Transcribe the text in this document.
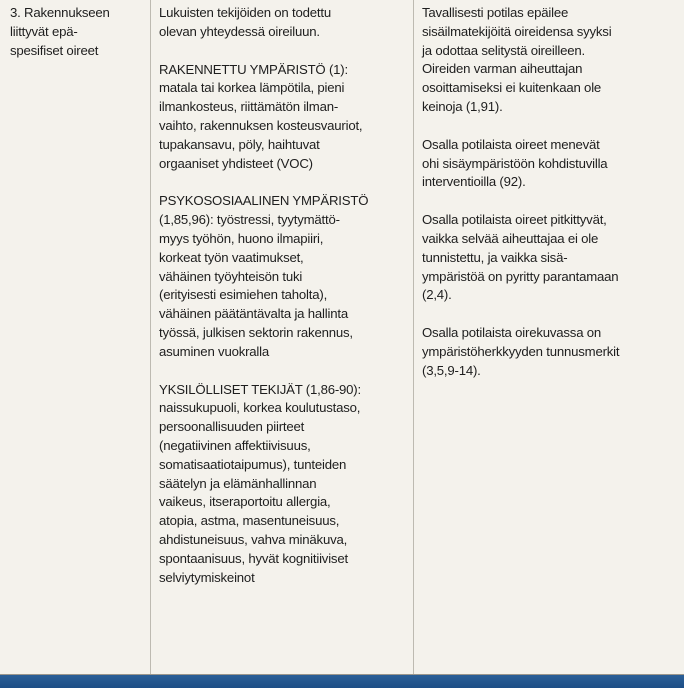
3. Rakennukseen
liittyvät epä-
spesifiset oireet
Lukuisten tekijöiden on todettu
olevan yhteydessä oireiluun.
RAKENNETTU YMPÄRISTÖ (1):
matala tai korkea lämpötila, pieni
ilmankosteus, riittämätön ilman-
vaihto, rakennuksen kosteusvauriot,
tupakansavu, pöly, haihtuvat
orgaaniset yhdisteet (VOC)
PSYKOSOSIAALINEN YMPÄRISTÖ
(1,85,96): työstressi, tyytymättö-
myys työhön, huono ilmapiiri,
korkeat työn vaatimukset,
vähäinen työyhteisön tuki
(erityisesti esimiehen taholta),
vähäinen päätäntävalta ja hallinta
työssä, julkisen sektorin rakennus,
asuminen vuokralla
YKSILÖLLISET TEKIJÄT (1,86-90):
naissukupuoli, korkea koulutustaso,
persoonallisuuden piirteet
(negatiivinen affektiivisuus,
somatisaatiotaipumus), tunteiden
säätelyn ja elämänhallinnan
vaikeus, itseraportoitu allergia,
atopia, astma, masentuneisuus,
ahdistuneisuus, vahva minäkuva,
spontaanisuus, hyvät kognitiiviset
selviytymiskeinot
Tavallisesti potilas epäilee
sisäilmatekijöitä oireidensa syyksi
ja odottaa selitystä oireilleen.
Oireiden varman aiheuttajan
osoittamiseksi ei kuitenkaan ole
keinoja (1,91).
Osalla potilaista oireet menevät
ohi sisäympäristöön kohdistuvilla
interventioilla (92).
Osalla potilaista oireet pitkittyvät,
vaikka selvää aiheuttajaa ei ole
tunnistettu, ja vaikka sisä-
ympäristöä on pyritty parantamaan
(2,4).
Osalla potilaista oirekuvassa on
ympäristöherkkyyden tunnusmerkit
(3,5,9-14).
